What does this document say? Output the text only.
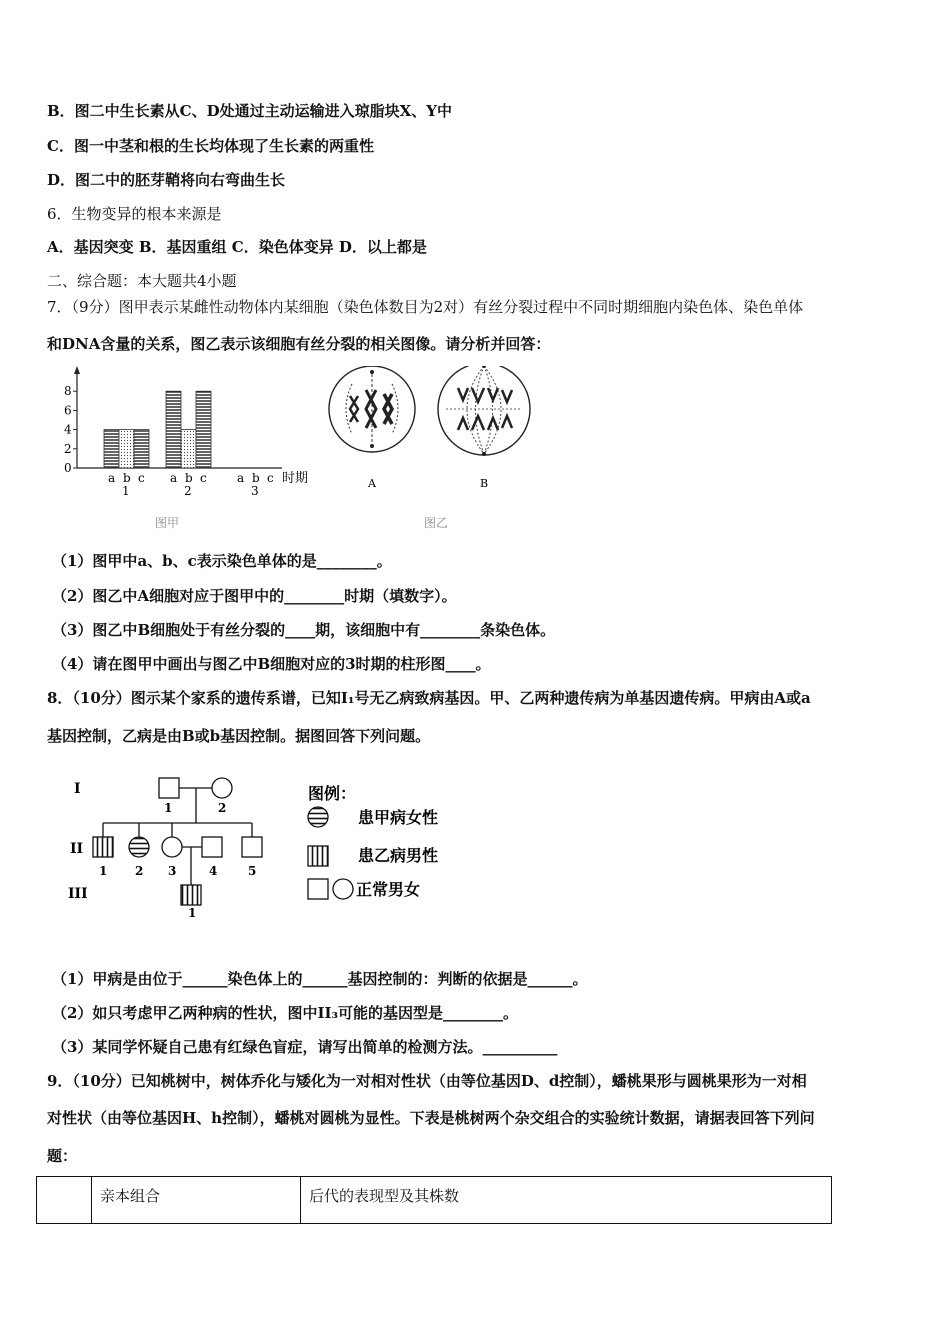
B．图二中生长素从C、D处通过主动运输进入琼脂块X、Y中
C．图一中茎和根的生长均体现了生长素的两重性
D．图二中的胚芽鞘将向右弯曲生长
6．生物变异的根本来源是
A．基因突变 B．基因重组 C．染色体变异 D．以上都是
二、综合题：本大题共4小题
7．（9分）图甲表示某雌性动物体内某细胞（染色体数目为2对）有丝分裂过程中不同时期细胞内染色体、染色单体
和DNA含量的关系，图乙表示该细胞有丝分裂的相关图像。请分析并回答：
0
2
4
6
8
a b c
1
a b c
2
a b c
3
时期
图甲
A	B
图乙
（1）图甲中a、b、c表示染色单体的是________。
（2）图乙中A细胞对应于图甲中的________时期（填数字）。
（3）图乙中B细胞处于有丝分裂的____期，该细胞中有________条染色体。
（4）请在图甲中画出与图乙中B细胞对应的3时期的柱形图____。
8．（10分）图示某个家系的遗传系谱，已知Ⅰ₁号无乙病致病基因。甲、乙两种遗传病为单基因遗传病。甲病由A或a
基因控制，乙病是由B或b基因控制。据图回答下列问题。
I
II
III
1	2
1 2 3	4	5
1
图例：
患甲病女性
患乙病男性
正常男女
（1）甲病是由位于______染色体上的______基因控制的：判断的依据是______。
（2）如只考虑甲乙两种病的性状，图中II₃可能的基因型是________。
（3）某同学怀疑自己患有红绿色盲症，请写出简单的检测方法。__________
9．（10分）已知桃树中，树体乔化与矮化为一对相对性状（由等位基因D、d控制），蟠桃果形与圆桃果形为一对相
对性状（由等位基因H、h控制），蟠桃对圆桃为显性。下表是桃树两个杂交组合的实验统计数据，请据表回答下列问
题：
	亲本组合	后代的表现型及其株数
